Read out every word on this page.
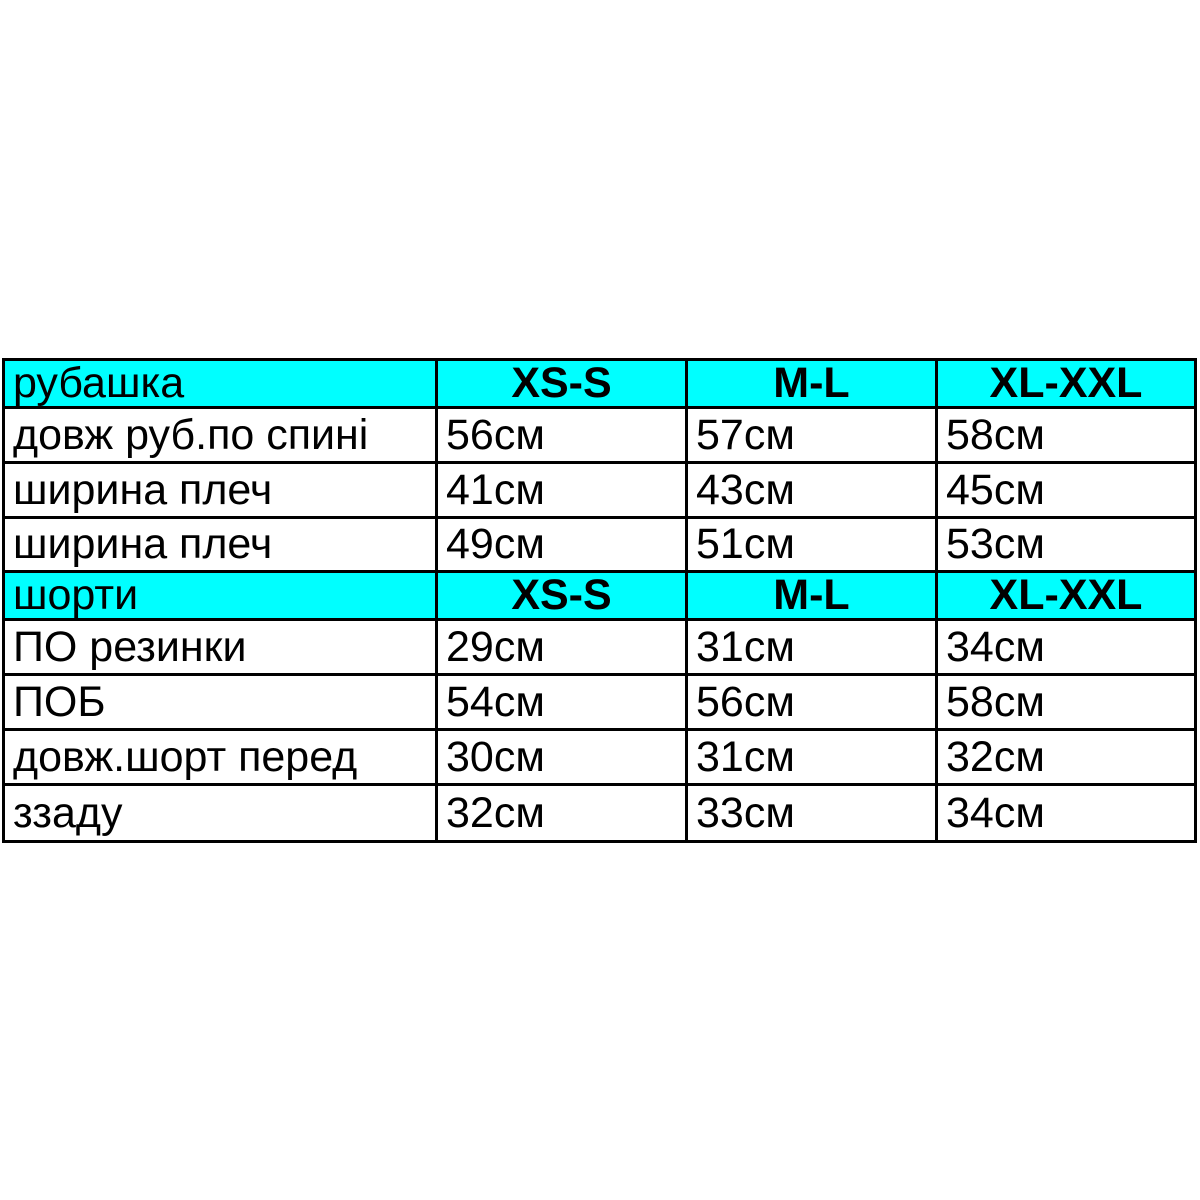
рубашка	XS-S	M-L	XL-XXL
довж руб.по спині	56см	57см	58см
ширина плеч	41см	43см	45см
ширина плеч	49см	51см	53см
шорти	XS-S	M-L	XL-XXL
ПО резинки	29см	31см	34см
ПОБ	54см	56см	58см
довж.шорт перед	30см	31см	32см
ззаду	32см	33см	34см
